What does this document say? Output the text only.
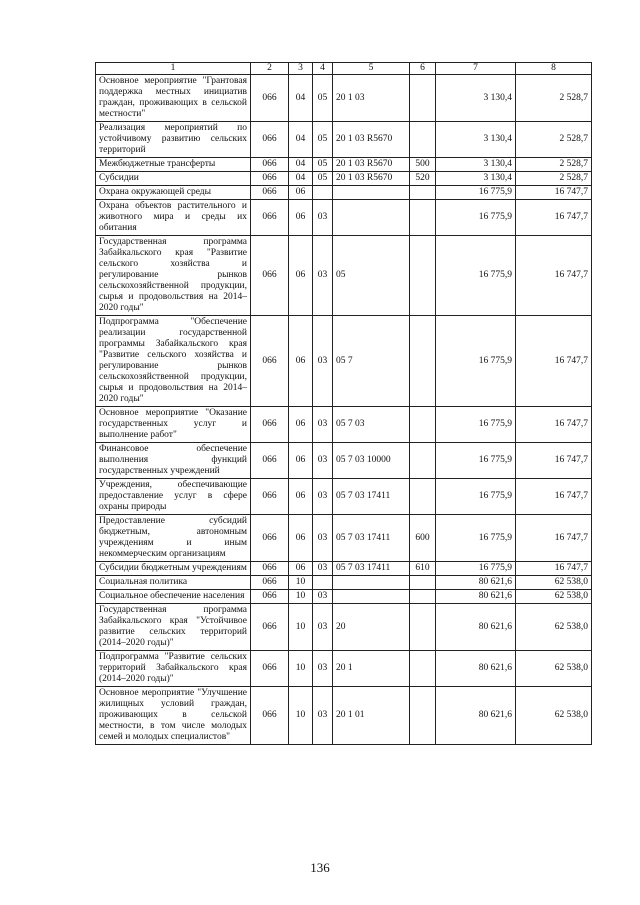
1	2	3	4	5	6	7	8
Основное мероприятие "Грантовая поддержка местных инициатив граждан, проживающих в сельской местности"	066	04	05	20 1 03		3 130,4	2 528,7
Реализация мероприятий по устойчивому развитию сельских территорий	066	04	05	20 1 03 R5670		3 130,4	2 528,7
Межбюджетные трансферты	066	04	05	20 1 03 R5670	500	3 130,4	2 528,7
Субсидии	066	04	05	20 1 03 R5670	520	3 130,4	2 528,7
Охрана окружающей среды	066	06				16 775,9	16 747,7
Охрана объектов растительного и животного мира и среды их обитания	066	06	03			16 775,9	16 747,7
Государственная программа Забайкальского края "Развитие сельского хозяйства и регулирование рынков сельскохозяйственной продукции, сырья и продовольствия на 2014–2020 годы"	066	06	03	05		16 775,9	16 747,7
Подпрограмма "Обеспечение реализации государственной программы Забайкальского края "Развитие сельского хозяйства и регулирование рынков сельскохозяйственной продукции, сырья и продовольствия на 2014–2020 годы"	066	06	03	05 7		16 775,9	16 747,7
Основное мероприятие "Оказание государственных услуг и выполнение работ"	066	06	03	05 7 03		16 775,9	16 747,7
Финансовое обеспечение выполнения функций государственных учреждений	066	06	03	05 7 03 10000		16 775,9	16 747,7
Учреждения, обеспечивающие предоставление услуг в сфере охраны природы	066	06	03	05 7 03 17411		16 775,9	16 747,7
Предоставление субсидий бюджетным, автономным учреждениям и иным некоммерческим организациям	066	06	03	05 7 03 17411	600	16 775,9	16 747,7
Субсидии бюджетным учреждениям	066	06	03	05 7 03 17411	610	16 775,9	16 747,7
Социальная политика	066	10				80 621,6	62 538,0
Социальное обеспечение населения	066	10	03			80 621,6	62 538,0
Государственная программа Забайкальского края "Устойчивое развитие сельских территорий (2014–2020 годы)"	066	10	03	20		80 621,6	62 538,0
Подпрограмма "Развитие сельских территорий Забайкальского края (2014–2020 годы)"	066	10	03	20 1		80 621,6	62 538,0
Основное мероприятие "Улучшение жилищных условий граждан, проживающих в сельской местности, в том числе молодых семей и молодых специалистов"	066	10	03	20 1 01		80 621,6	62 538,0
136
